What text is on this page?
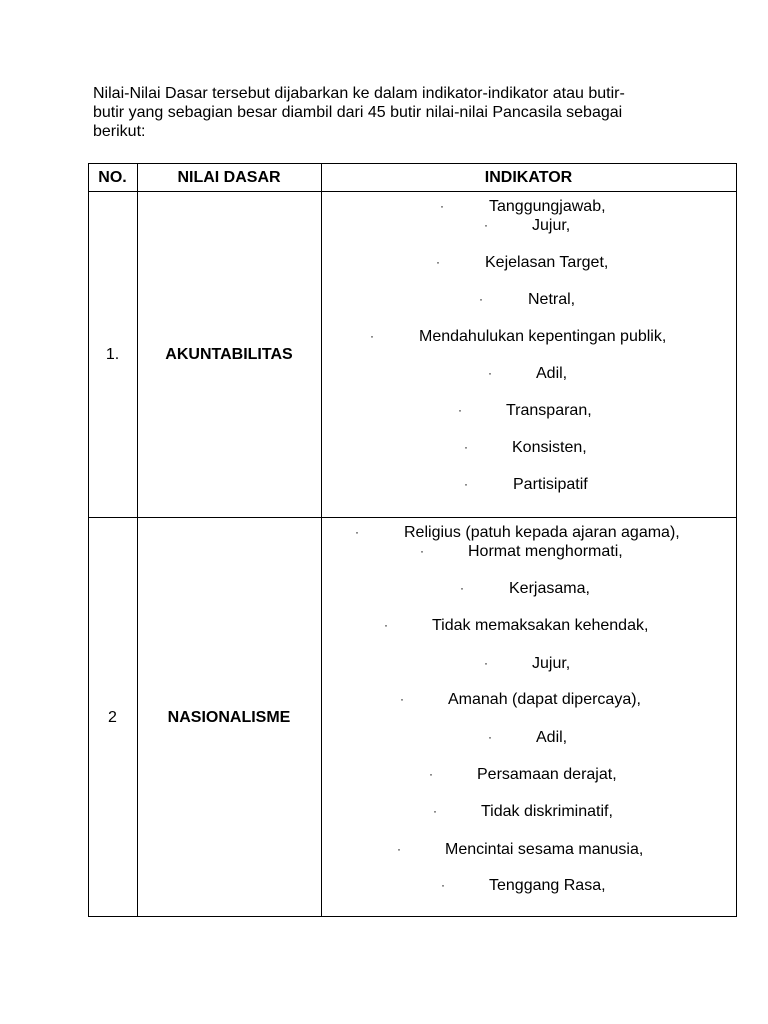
Nilai-Nilai Dasar tersebut dijabarkan ke dalam indikator-indikator atau butir-
butir yang sebagian besar diambil dari 45 butir nilai-nilai Pancasila sebagai
berikut:

NO.	NILAI DASAR	INDIKATOR
1.	AKUNTABILITAS
·	Tanggungjawab,
·	Jujur,
·	Kejelasan Target,
·	Netral,
·	Mendahulukan kepentingan publik,
·	Adil,
·	Transparan,
·	Konsisten,
·	Partisipatif
2	NASIONALISME
·	Religius (patuh kepada ajaran agama),
·	Hormat menghormati,
·	Kerjasama,
·	Tidak memaksakan kehendak,
·	Jujur,
·	Amanah (dapat dipercaya),
·	Adil,
·	Persamaan derajat,
·	Tidak diskriminatif,
·	Mencintai sesama manusia,
·	Tenggang Rasa,
